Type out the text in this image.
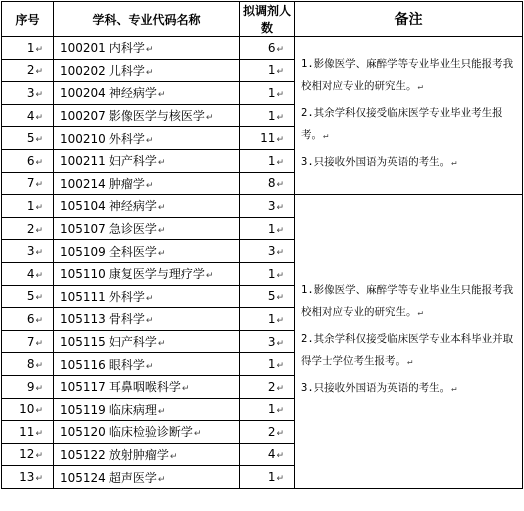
序号	学科、专业代码名称	拟调剂人数	备注
1↵	100201 内科学↵	6↵	1.影像医学、麻醉学等专业毕业生只能报考我校相对应专业的研究生。↵

2.其余学科仅接受临床医学专业毕业考生报考。↵

3.只接收外国语为英语的考生。↵

2↵	100202 儿科学↵	1↵	
3↵	100204 神经病学↵	1↵	
4↵	100207 影像医学与核医学↵	1↵	
5↵	100210 外科学↵	11↵	
6↵	100211 妇产科学↵	1↵	
7↵	100214 肿瘤学↵	8↵	
1↵	105104 神经病学↵	3↵	1.影像医学、麻醉学等专业毕业生只能报考我校相对应专业的研究生。↵

2.其余学科仅接受临床医学专业本科毕业并取得学士学位考生报考。↵

3.只接收外国语为英语的考生。↵

2↵	105107 急诊医学↵	1↵	
3↵	105109 全科医学↵	3↵	
4↵	105110 康复医学与理疗学↵	1↵	
5↵	105111 外科学↵	5↵	
6↵	105113 骨科学↵	1↵	
7↵	105115 妇产科学↵	3↵	
8↵	105116 眼科学↵	1↵	
9↵	105117 耳鼻咽喉科学↵	2↵	
10↵	105119 临床病理↵	1↵	
11↵	105120 临床检验诊断学↵	2↵	
12↵	105122 放射肿瘤学↵	4↵	
13↵	105124 超声医学↵	1↵	
